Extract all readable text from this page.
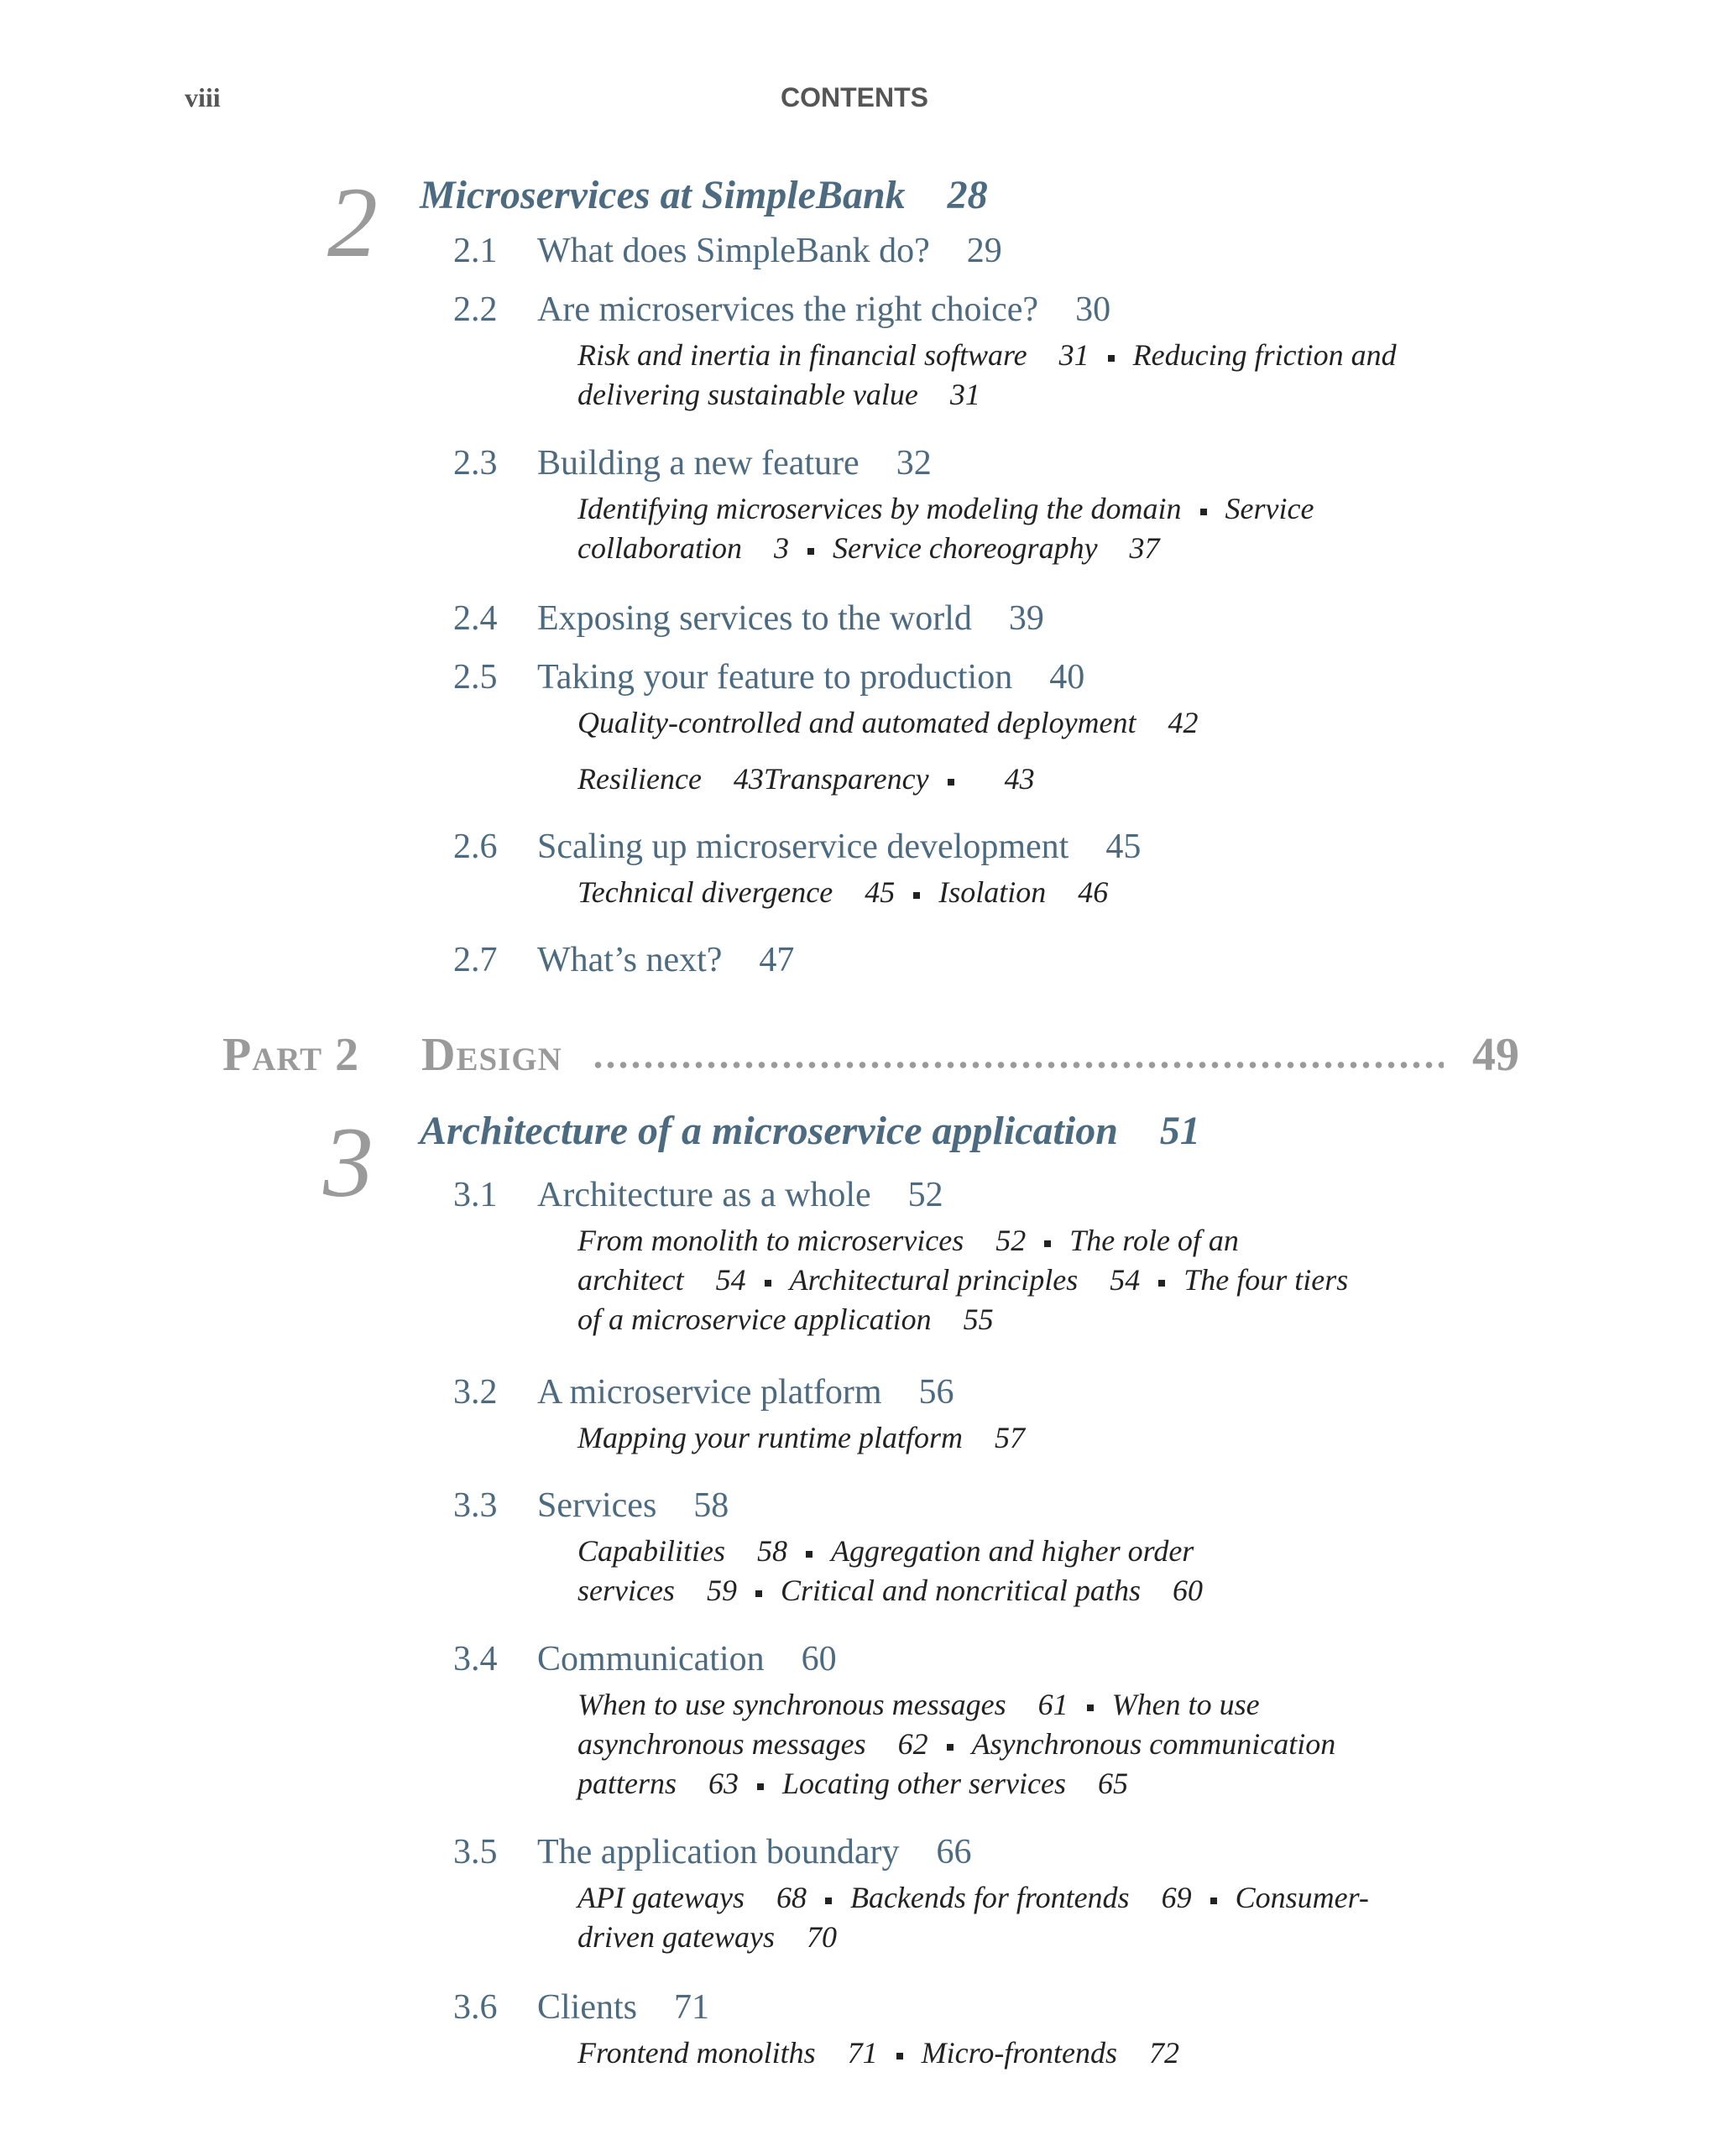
viii	CONTENTS
2 Microservices at SimpleBank 28
2.1 What does SimpleBank do? 29
2.2 Are microservices the right choice? 30
Risk and inertia in financial software 31 Reducing friction and
delivering sustainable value 31
2.3 Building a new feature 32
Identifying microservices by modeling the domain Service
collaboration 3 Service choreography 37
2.4 Exposing services to the world 39
2.5 Taking your feature to production 40
Quality-controlled and automated deployment 42
Resilience 43Transparency	43
2.6 Scaling up microservice development 45
Technical divergence 45 Isolation 46
2.7 What’s next? 47
Part 2 Design	49
3 Architecture of a microservice application 51
3.1 Architecture as a whole 52
From monolith to microservices 52 The role of an
architect 54 Architectural principles 54 The four tiers
of a microservice application 55
3.2 A microservice platform 56
Mapping your runtime platform 57
3.3 Services 58
Capabilities 58 Aggregation and higher order
services 59 Critical and noncritical paths 60
3.4 Communication 60
When to use synchronous messages 61 When to use
asynchronous messages 62 Asynchronous communication
patterns 63 Locating other services 65
3.5 The application boundary 66
API gateways 68 Backends for frontends 69 Consumer-
driven gateways 70
3.6 Clients 71
Frontend monoliths 71 Micro-frontends 72
